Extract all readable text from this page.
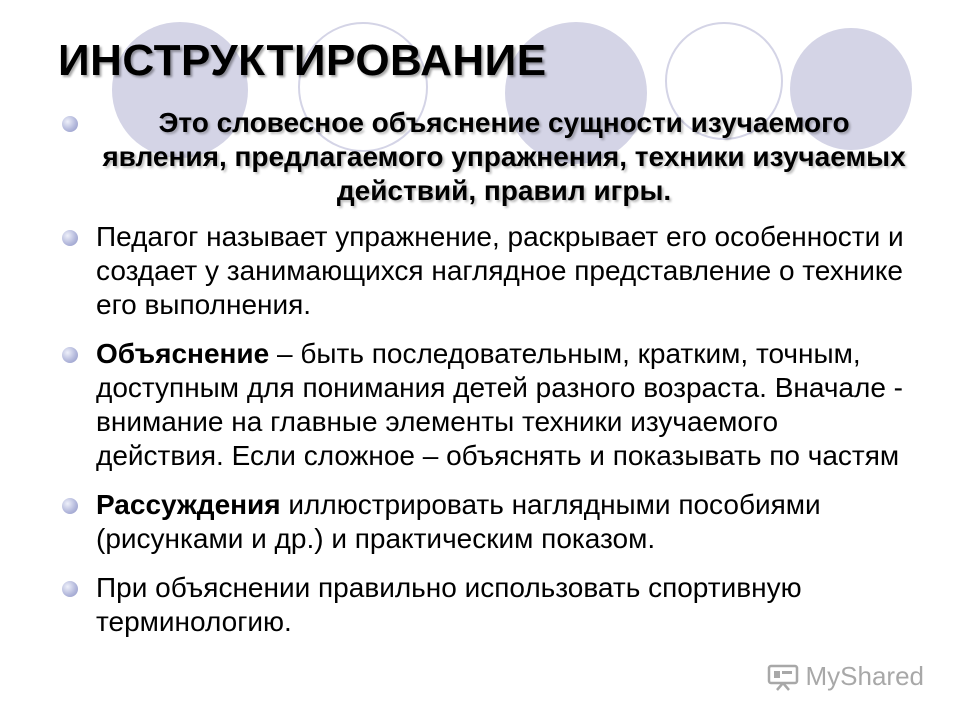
ИНСТРУКТИРОВАНИЕ
Это словесное объяснение сущности изучаемого явления, предлагаемого упражнения, техники изучаемых действий, правил игры.
Педагог называет упражнение, раскрывает его особенности и создает у занимающихся наглядное представление о технике его выполнения.
Объяснение – быть последовательным, кратким, точным, доступным для понимания детей разного возраста. Вначале - внимание на главные элементы техники изучаемого действия. Если сложное – объяснять и показывать по частям
Рассуждения иллюстрировать наглядными пособиями (рисунками и др.) и практическим показом.
При объяснении правильно использовать спортивную терминологию.
MyShared
